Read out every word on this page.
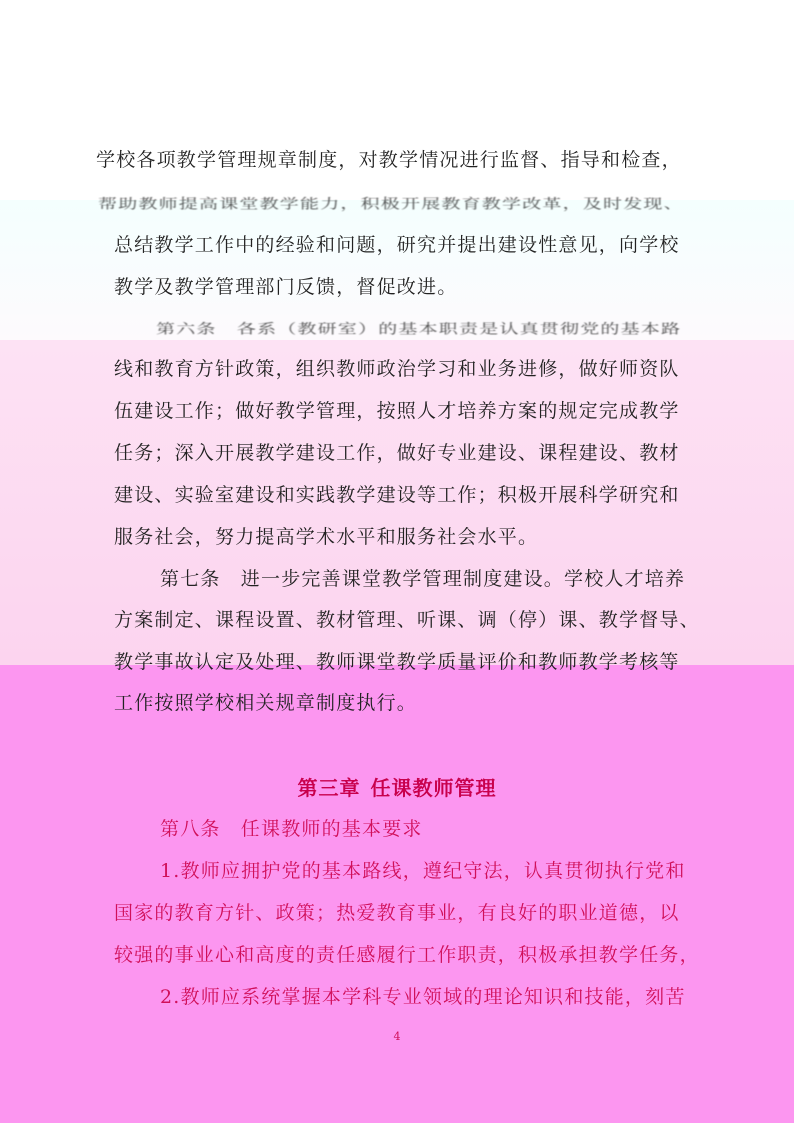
学校各项教学管理规章制度，对教学情况进行监督、指导和检查，
帮助教师提高课堂教学能力，积极开展教育教学改革，及时发现、
总结教学工作中的经验和问题，研究并提出建设性意见，向学校
教学及教学管理部门反馈，督促改进。
第六条　各系（教研室）的基本职责是认真贯彻党的基本路
线和教育方针政策，组织教师政治学习和业务进修，做好师资队
伍建设工作；做好教学管理，按照人才培养方案的规定完成教学
任务；深入开展教学建设工作，做好专业建设、课程建设、教材
建设、实验室建设和实践教学建设等工作；积极开展科学研究和
服务社会，努力提高学术水平和服务社会水平。
第七条　进一步完善课堂教学管理制度建设。学校人才培养
方案制定、课程设置、教材管理、听课、调（停）课、教学督导、
教学事故认定及处理、教师课堂教学质量评价和教师教学考核等
工作按照学校相关规章制度执行。
第三章 任课教师管理
第八条　任课教师的基本要求
1.教师应拥护党的基本路线，遵纪守法，认真贯彻执行党和
国家的教育方针、政策；热爱教育事业，有良好的职业道德，以
较强的事业心和高度的责任感履行工作职责，积极承担教学任务，
2.教师应系统掌握本学科专业领域的理论知识和技能，刻苦
4
